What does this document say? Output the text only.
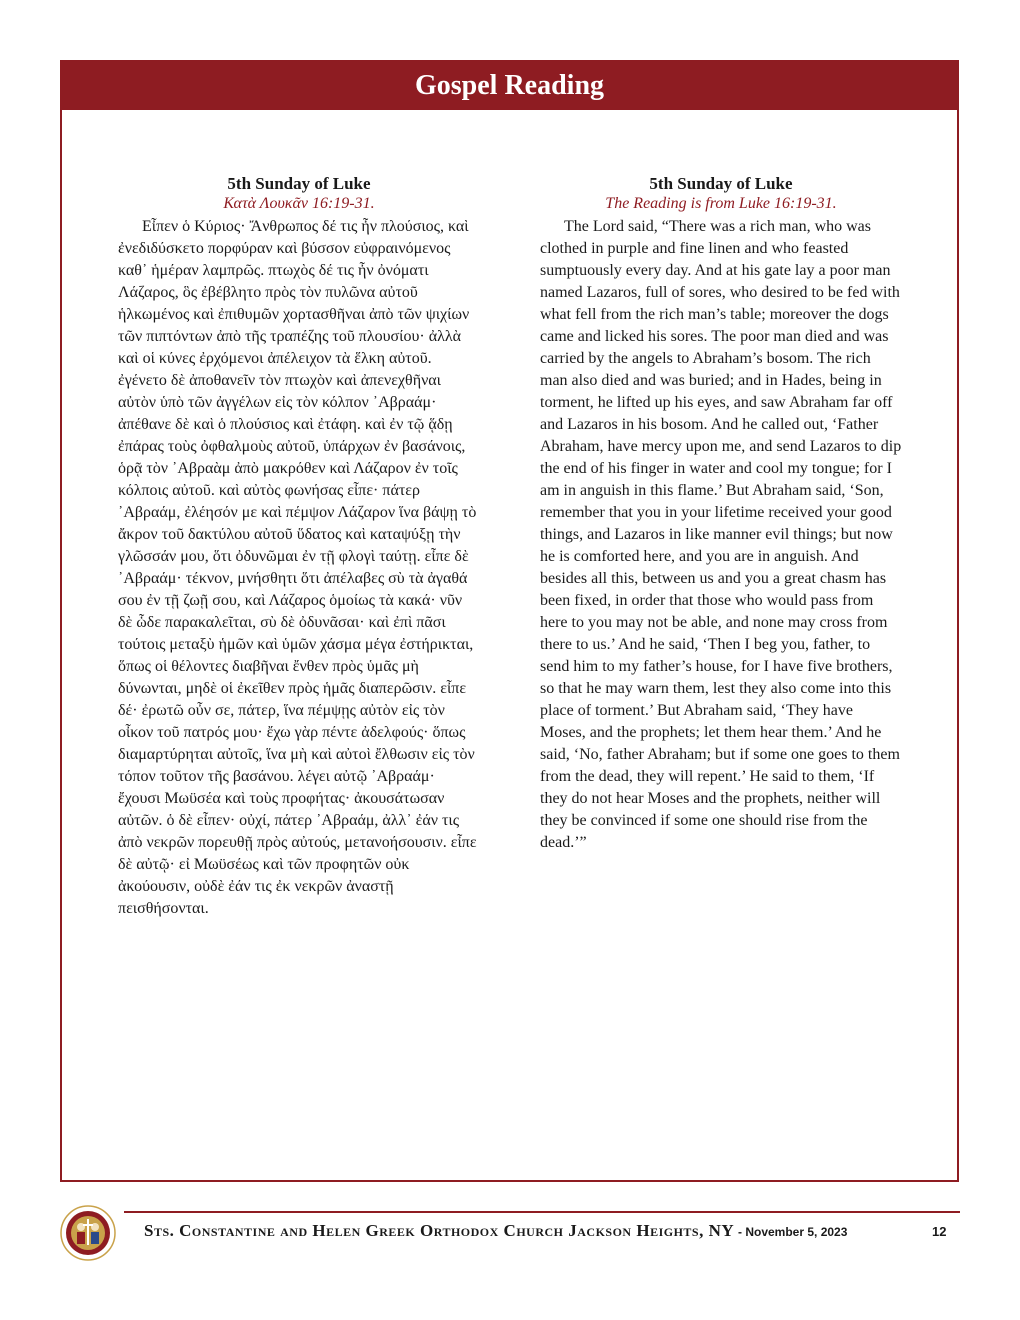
Gospel Reading
5th Sunday of Luke
Κατὰ Λουκᾶν 16:19-31.

Εἶπεν ὁ Κύριος· Ἄνθρωπος δέ τις ἦν πλούσιος, καὶ ἐνεδιδύσκετο πορφύραν καὶ βύσσον εὐφραινόμενος καθ᾽ ἡμέραν λαμπρῶς. πτωχὸς δέ τις ἦν ὀνόματι Λάζαρος, ὃς ἐβέβλητο πρὸς τὸν πυλῶνα αὐτοῦ ἡλκωμένος καὶ ἐπιθυμῶν χορτασθῆναι ἀπὸ τῶν ψιχίων τῶν πιπτόντων ἀπὸ τῆς τραπέζης τοῦ πλουσίου· ἀλλὰ καὶ οἱ κύνες ἐρχόμενοι ἀπέλειχον τὰ ἕλκη αὐτοῦ. ἐγένετο δὲ ἀποθανεῖν τὸν πτωχὸν καὶ ἀπενεχθῆναι αὐτὸν ὑπὸ τῶν ἀγγέλων εἰς τὸν κόλπον ᾿Αβραάμ· ἀπέθανε δὲ καὶ ὁ πλούσιος καὶ ἐτάφη. καὶ ἐν τῷ ᾅδῃ ἐπάρας τοὺς ὀφθαλμοὺς αὐτοῦ, ὑπάρχων ἐν βασάνοις, ὁρᾷ τὸν ᾿Αβραὰμ ἀπὸ μακρόθεν καὶ Λάζαρον ἐν τοῖς κόλποις αὐτοῦ. καὶ αὐτὸς φωνήσας εἶπε· πάτερ ᾿Αβραάμ, ἐλέησόν με καὶ πέμψον Λάζαρον ἵνα βάψῃ τὸ ἄκρον τοῦ δακτύλου αὐτοῦ ὕδατος καὶ καταψύξῃ τὴν γλῶσσάν μου, ὅτι ὀδυνῶμαι ἐν τῇ φλογὶ ταύτῃ. εἶπε δὲ ᾿Αβραάμ· τέκνον, μνήσθητι ὅτι ἀπέλαβες σὺ τὰ ἀγαθά σου ἐν τῇ ζωῇ σου, καὶ Λάζαρος ὁμοίως τὰ κακά· νῦν δὲ ὧδε παρακαλεῖται, σὺ δὲ ὀδυνᾶσαι· καὶ ἐπὶ πᾶσι τούτοις μεταξὺ ἡμῶν καὶ ὑμῶν χάσμα μέγα ἐστήρικται, ὅπως οἱ θέλοντες διαβῆναι ἔνθεν πρὸς ὑμᾶς μὴ δύνωνται, μηδὲ οἱ ἐκεῖθεν πρὸς ἡμᾶς διαπερῶσιν. εἶπε δέ· ἐρωτῶ οὖν σε, πάτερ, ἵνα πέμψῃς αὐτὸν εἰς τὸν οἶκον τοῦ πατρός μου· ἔχω γὰρ πέντε ἀδελφούς· ὅπως διαμαρτύρηται αὐτοῖς, ἵνα μὴ καὶ αὐτοὶ ἔλθωσιν εἰς τὸν τόπον τοῦτον τῆς βασάνου. λέγει αὐτῷ ᾿Αβραάμ· ἔχουσι Μωϋσέα καὶ τοὺς προφήτας· ἀκουσάτωσαν αὐτῶν. ὁ δὲ εἶπεν· οὐχί, πάτερ ᾿Αβραάμ, ἀλλ᾽ ἐάν τις ἀπὸ νεκρῶν πορευθῇ πρὸς αὐτούς, μετανοήσουσιν. εἶπε δὲ αὐτῷ· εἰ Μωϋσέως καὶ τῶν προφητῶν οὐκ ἀκούουσιν, οὐδὲ ἐάν τις ἐκ νεκρῶν ἀναστῇ πεισθήσονται.

5th Sunday of Luke
The Reading is from Luke 16:19-31.

The Lord said, “There was a rich man, who was clothed in purple and fine linen and who feasted sumptuously every day. And at his gate lay a poor man named Lazaros, full of sores, who desired to be fed with what fell from the rich man’s table; moreover the dogs came and licked his sores. The poor man died and was carried by the angels to Abraham’s bosom. The rich man also died and was buried; and in Hades, being in torment, he lifted up his eyes, and saw Abraham far off and Lazaros in his bosom. And he called out, ‘Father Abraham, have mercy upon me, and send Lazaros to dip the end of his finger in water and cool my tongue; for I am in anguish in this flame.’ But Abraham said, ‘Son, remember that you in your lifetime received your good things, and Lazaros in like manner evil things; but now he is comforted here, and you are in anguish. And besides all this, between us and you a great chasm has been fixed, in order that those who would pass from here to you may not be able, and none may cross from there to us.’ And he said, ‘Then I beg you, father, to send him to my father’s house, for I have five brothers, so that he may warn them, lest they also come into this place of torment.’ But Abraham said, ‘They have Moses, and the prophets; let them hear them.’ And he said, ‘No, father Abraham; but if some one goes to them from the dead, they will repent.’ He said to them, ‘If they do not hear Moses and the prophets, neither will they be convinced if some one should rise from the dead.’”

Sts. Constantine and Helen Greek Orthodox Church Jackson Heights, NY - November 5, 2023	12
